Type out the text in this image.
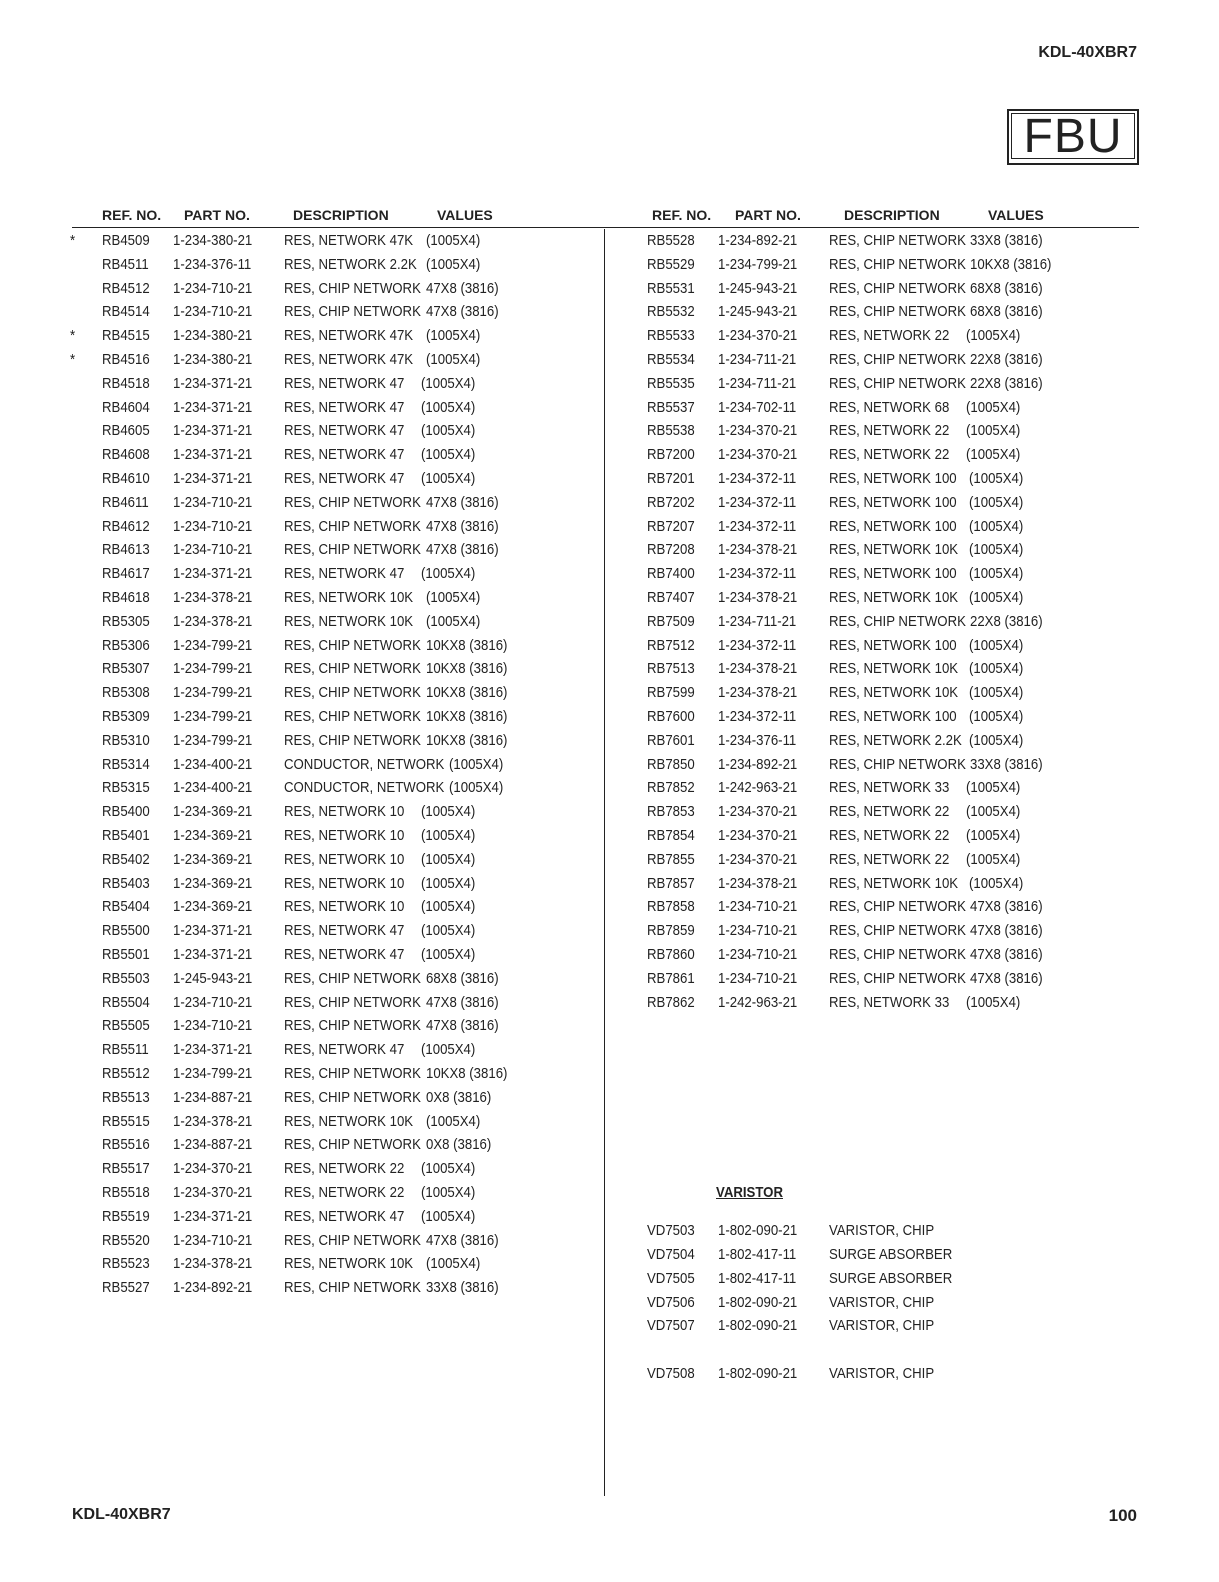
KDL-40XBR7
FBU
REF. NO. PART NO.	DESCRIPTION	VALUES	REF. NO. PART NO.	DESCRIPTION	VALUES
* RB4509 1-234-380-21 RES, NETWORK 47K (1005X4)
RB4511 1-234-376-11 RES, NETWORK 2.2K (1005X4)
RB4512 1-234-710-21 RES, CHIP NETWORK 47X8 (3816)
RB4514 1-234-710-21 RES, CHIP NETWORK 47X8 (3816)
* RB4515 1-234-380-21 RES, NETWORK 47K (1005X4)
* RB4516 1-234-380-21 RES, NETWORK 47K (1005X4)
RB4518 1-234-371-21 RES, NETWORK 47 (1005X4)
RB4604 1-234-371-21 RES, NETWORK 47 (1005X4)
RB4605 1-234-371-21 RES, NETWORK 47 (1005X4)
RB4608 1-234-371-21 RES, NETWORK 47 (1005X4)
RB4610 1-234-371-21 RES, NETWORK 47 (1005X4)
RB4611 1-234-710-21 RES, CHIP NETWORK 47X8 (3816)
RB4612 1-234-710-21 RES, CHIP NETWORK 47X8 (3816)
RB4613 1-234-710-21 RES, CHIP NETWORK 47X8 (3816)
RB4617 1-234-371-21 RES, NETWORK 47 (1005X4)
RB4618 1-234-378-21 RES, NETWORK 10K (1005X4)
RB5305 1-234-378-21 RES, NETWORK 10K (1005X4)
RB5306 1-234-799-21 RES, CHIP NETWORK 10KX8 (3816)
RB5307 1-234-799-21 RES, CHIP NETWORK 10KX8 (3816)
RB5308 1-234-799-21 RES, CHIP NETWORK 10KX8 (3816)
RB5309 1-234-799-21 RES, CHIP NETWORK 10KX8 (3816)
RB5310 1-234-799-21 RES, CHIP NETWORK 10KX8 (3816)
RB5314 1-234-400-21 CONDUCTOR, NETWORK (1005X4)
RB5315 1-234-400-21 CONDUCTOR, NETWORK (1005X4)
RB5400 1-234-369-21 RES, NETWORK 10 (1005X4)
RB5401 1-234-369-21 RES, NETWORK 10 (1005X4)
RB5402 1-234-369-21 RES, NETWORK 10 (1005X4)
RB5403 1-234-369-21 RES, NETWORK 10 (1005X4)
RB5404 1-234-369-21 RES, NETWORK 10 (1005X4)
RB5500 1-234-371-21 RES, NETWORK 47 (1005X4)
RB5501 1-234-371-21 RES, NETWORK 47 (1005X4)
RB5503 1-245-943-21 RES, CHIP NETWORK 68X8 (3816)
RB5504 1-234-710-21 RES, CHIP NETWORK 47X8 (3816)
RB5505 1-234-710-21 RES, CHIP NETWORK 47X8 (3816)
RB5511 1-234-371-21 RES, NETWORK 47 (1005X4)
RB5512 1-234-799-21 RES, CHIP NETWORK 10KX8 (3816)
RB5513 1-234-887-21 RES, CHIP NETWORK 0X8 (3816)
RB5515 1-234-378-21 RES, NETWORK 10K (1005X4)
RB5516 1-234-887-21 RES, CHIP NETWORK 0X8 (3816)
RB5517 1-234-370-21 RES, NETWORK 22 (1005X4)
RB5518 1-234-370-21 RES, NETWORK 22 (1005X4)
RB5519 1-234-371-21 RES, NETWORK 47 (1005X4)
RB5520 1-234-710-21 RES, CHIP NETWORK 47X8 (3816)
RB5523 1-234-378-21 RES, NETWORK 10K (1005X4)
RB5527 1-234-892-21 RES, CHIP NETWORK 33X8 (3816)
RB5528 1-234-892-21 RES, CHIP NETWORK 33X8 (3816)
RB5529 1-234-799-21 RES, CHIP NETWORK 10KX8 (3816)
RB5531 1-245-943-21 RES, CHIP NETWORK 68X8 (3816)
RB5532 1-245-943-21 RES, CHIP NETWORK 68X8 (3816)
RB5533 1-234-370-21 RES, NETWORK 22 (1005X4)
RB5534 1-234-711-21 RES, CHIP NETWORK 22X8 (3816)
RB5535 1-234-711-21 RES, CHIP NETWORK 22X8 (3816)
RB5537 1-234-702-11 RES, NETWORK 68 (1005X4)
RB5538 1-234-370-21 RES, NETWORK 22 (1005X4)
RB7200 1-234-370-21 RES, NETWORK 22 (1005X4)
RB7201 1-234-372-11 RES, NETWORK 100 (1005X4)
RB7202 1-234-372-11 RES, NETWORK 100 (1005X4)
RB7207 1-234-372-11 RES, NETWORK 100 (1005X4)
RB7208 1-234-378-21 RES, NETWORK 10K (1005X4)
RB7400 1-234-372-11 RES, NETWORK 100 (1005X4)
RB7407 1-234-378-21 RES, NETWORK 10K (1005X4)
RB7509 1-234-711-21 RES, CHIP NETWORK 22X8 (3816)
RB7512 1-234-372-11 RES, NETWORK 100 (1005X4)
RB7513 1-234-378-21 RES, NETWORK 10K (1005X4)
RB7599 1-234-378-21 RES, NETWORK 10K (1005X4)
RB7600 1-234-372-11 RES, NETWORK 100 (1005X4)
RB7601 1-234-376-11 RES, NETWORK 2.2K (1005X4)
RB7850 1-234-892-21 RES, CHIP NETWORK 33X8 (3816)
RB7852 1-242-963-21 RES, NETWORK 33 (1005X4)
RB7853 1-234-370-21 RES, NETWORK 22 (1005X4)
RB7854 1-234-370-21 RES, NETWORK 22 (1005X4)
RB7855 1-234-370-21 RES, NETWORK 22 (1005X4)
RB7857 1-234-378-21 RES, NETWORK 10K (1005X4)
RB7858 1-234-710-21 RES, CHIP NETWORK 47X8 (3816)
RB7859 1-234-710-21 RES, CHIP NETWORK 47X8 (3816)
RB7860 1-234-710-21 RES, CHIP NETWORK 47X8 (3816)
RB7861 1-234-710-21 RES, CHIP NETWORK 47X8 (3816)
RB7862 1-242-963-21 RES, NETWORK 33 (1005X4)
VARISTOR
VD7503 1-802-090-21 VARISTOR, CHIP
VD7504 1-802-417-11 SURGE ABSORBER
VD7505 1-802-417-11 SURGE ABSORBER
VD7506 1-802-090-21 VARISTOR, CHIP
VD7507 1-802-090-21 VARISTOR, CHIP
VD7508 1-802-090-21 VARISTOR, CHIP
KDL-40XBR7	100
